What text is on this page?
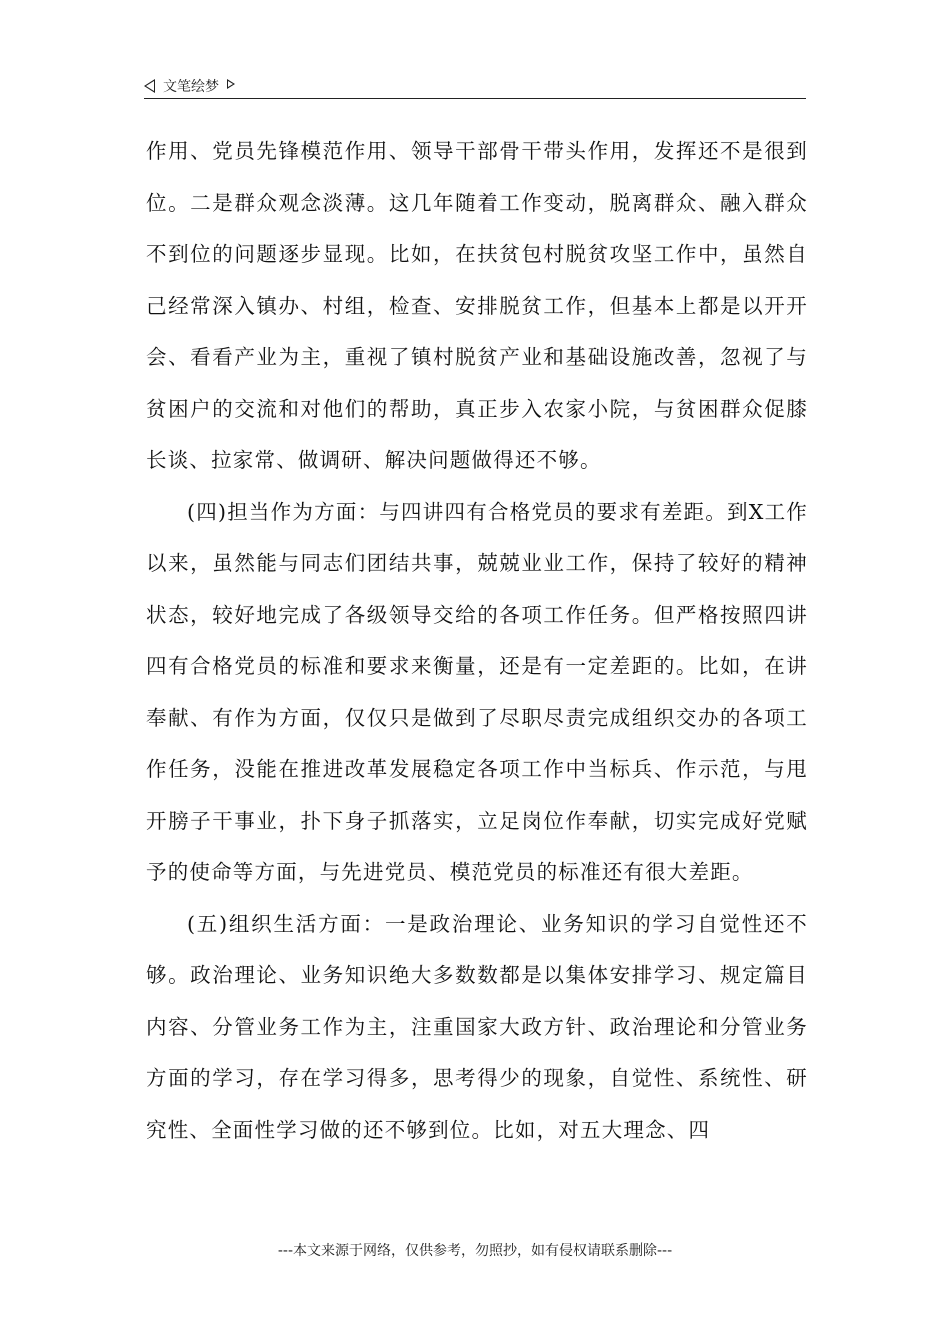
文笔绘梦

作用、党员先锋模范作用、领导干部骨干带头作用，发挥还不是很到位。二是群众观念淡薄。这几年随着工作变动，脱离群众、融入群众不到位的问题逐步显现。比如，在扶贫包村脱贫攻坚工作中，虽然自己经常深入镇办、村组，检查、安排脱贫工作，但基本上都是以开开会、看看产业为主，重视了镇村脱贫产业和基础设施改善，忽视了与贫困户的交流和对他们的帮助，真正步入农家小院，与贫困群众促膝长谈、拉家常、做调研、解决问题做得还不够。

(四)担当作为方面：与四讲四有合格党员的要求有差距。到X工作以来，虽然能与同志们团结共事，兢兢业业工作，保持了较好的精神状态，较好地完成了各级领导交给的各项工作任务。但严格按照四讲四有合格党员的标准和要求来衡量，还是有一定差距的。比如，在讲奉献、有作为方面，仅仅只是做到了尽职尽责完成组织交办的各项工作任务，没能在推进改革发展稳定各项工作中当标兵、作示范，与甩开膀子干事业，扑下身子抓落实，立足岗位作奉献，切实完成好党赋予的使命等方面，与先进党员、模范党员的标准还有很大差距。

(五)组织生活方面：一是政治理论、业务知识的学习自觉性还不够。政治理论、业务知识绝大多数数都是以集体安排学习、规定篇目内容、分管业务工作为主，注重国家大政方针、政治理论和分管业务方面的学习，存在学习得多，思考得少的现象，自觉性、系统性、研究性、全面性学习做的还不够到位。比如，对五大理念、四

---本文来源于网络，仅供参考，勿照抄，如有侵权请联系删除---
